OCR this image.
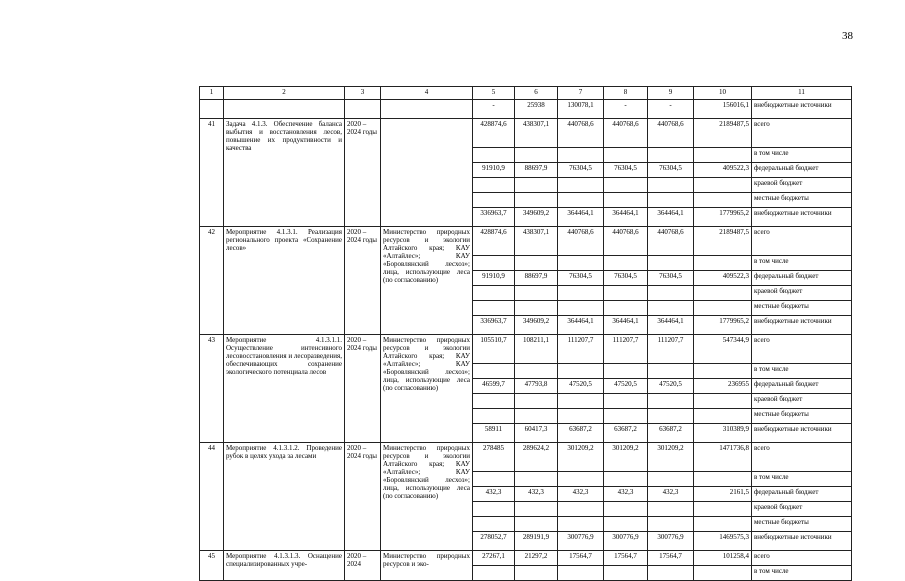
38
1	2	3	4	5	6	7	8	9	10	11
				-	25938	130078,1	-	-	156016,1	внебюджетные источники
41	Задача 4.1.3. Обеспечение баланса выбытия и восстановления лесов, повышение их продуктивности и качества	2020 – 2024 годы		428874,6	438307,1	440768,6	440768,6	440768,6	2189487,5	всего
										в том числе
				91910,9	88697,9	76304,5	76304,5	76304,5	409522,3	федеральный бюджет
										краевой бюджет
										местные бюджеты
				336963,7	349609,2	364464,1	364464,1	364464,1	1779965,2	внебюджетные источники
42	Мероприятие 4.1.3.1. Реализация регионального проекта «Сохранение лесов»	2020 – 2024 годы	Министерство природных ресурсов и экологии Алтайского края; КАУ «Алтайлес»; КАУ «Боровлянский лесхоз»; лица, использующие леса (по согласованию)	428874,6	438307,1	440768,6	440768,6	440768,6	2189487,5	всего
										в том числе
				91910,9	88697,9	76304,5	76304,5	76304,5	409522,3	федеральный бюджет
										краевой бюджет
										местные бюджеты
				336963,7	349609,2	364464,1	364464,1	364464,1	1779965,2	внебюджетные источники
43	Мероприятие 4.1.3.1.1. Осуществление интенсивного лесовосстановления и лесоразведения, обеспечивающих сохранение экологического потенциала лесов	2020 – 2024 годы	Министерство природных ресурсов и экологии Алтайского края; КАУ «Алтайлес»; КАУ «Боровлянский лесхоз»; лица, использующие леса (по согласованию)	105510,7	108211,1	111207,7	111207,7	111207,7	547344,9	всего
										в том числе
				46599,7	47793,8	47520,5	47520,5	47520,5	236955	федеральный бюджет
										краевой бюджет
										местные бюджеты
				58911	60417,3	63687,2	63687,2	63687,2	310389,9	внебюджетные источники
44	Мероприятие 4.1.3.1.2. Проведение рубок в целях ухода за лесами	2020 – 2024 годы	Министерство природных ресурсов и экологии Алтайского края; КАУ «Алтайлес»; КАУ «Боровлянский лесхоз»; лица, использующие леса (по согласованию)	278485	289624,2	301209,2	301209,2	301209,2	1471736,8	всего
										в том числе
				432,3	432,3	432,3	432,3	432,3	2161,5	федеральный бюджет
										краевой бюджет
										местные бюджеты
				278052,7	289191,9	300776,9	300776,9	300776,9	1469575,3	внебюджетные источники
45	Мероприятие 4.1.3.1.3. Оснащение специализированных учре-	2020 – 2024	Министерство природных ресурсов и эко-	27267,1	21297,2	17564,7	17564,7	17564,7	101258,4	всего
										в том числе
